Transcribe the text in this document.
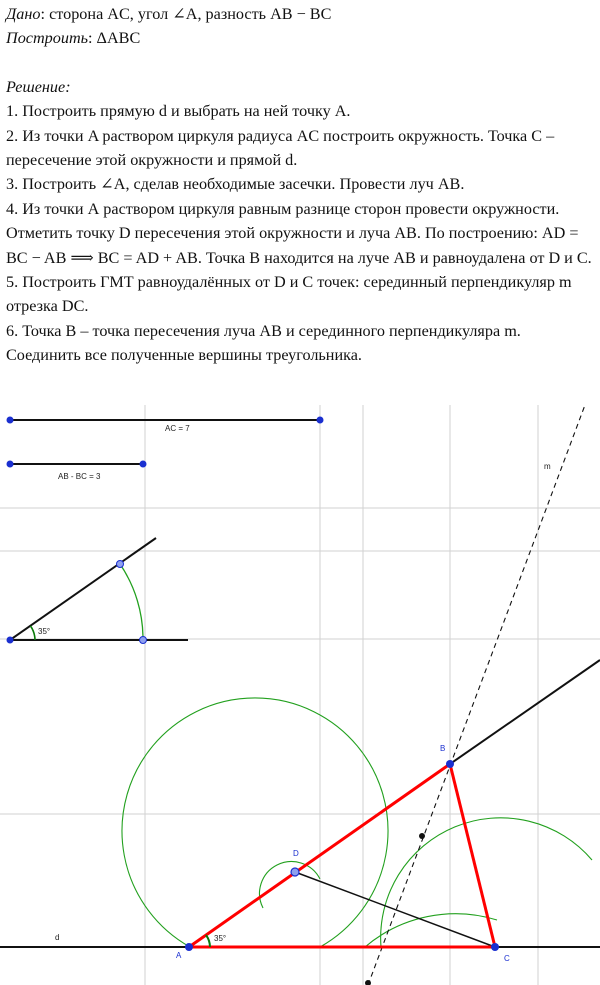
Дано: сторона AC, угол ∠A, разность AB − BC

Построить: ΔABC

Решение:

1. Построить прямую d и выбрать на ней точку A.

2. Из точки A раствором циркуля радиуса AC построить окружность. Точка C – пересечение этой окружности и прямой d.

3. Построить ∠A, сделав необходимые засечки. Провести луч AB.

4. Из точки А раствором циркуля равным разнице сторон провести окружности. Отметить точку D пересечения этой окружности и луча AB. По построению: AD = BC − AB ⟹ BC = AD + AB. Точка B находится на луче AB и равноудалена от D и C.

5. Построить ГМТ равноудалённых от D и C точек: серединный перпендикуляр m отрезка DC.

6. Точка B – точка пересечения луча AB и серединного перпендикуляра m. Соединить все полученные вершины треугольника.

AC = 7
AB - BC = 3
35°
d
m
35°
A
B
C
D
